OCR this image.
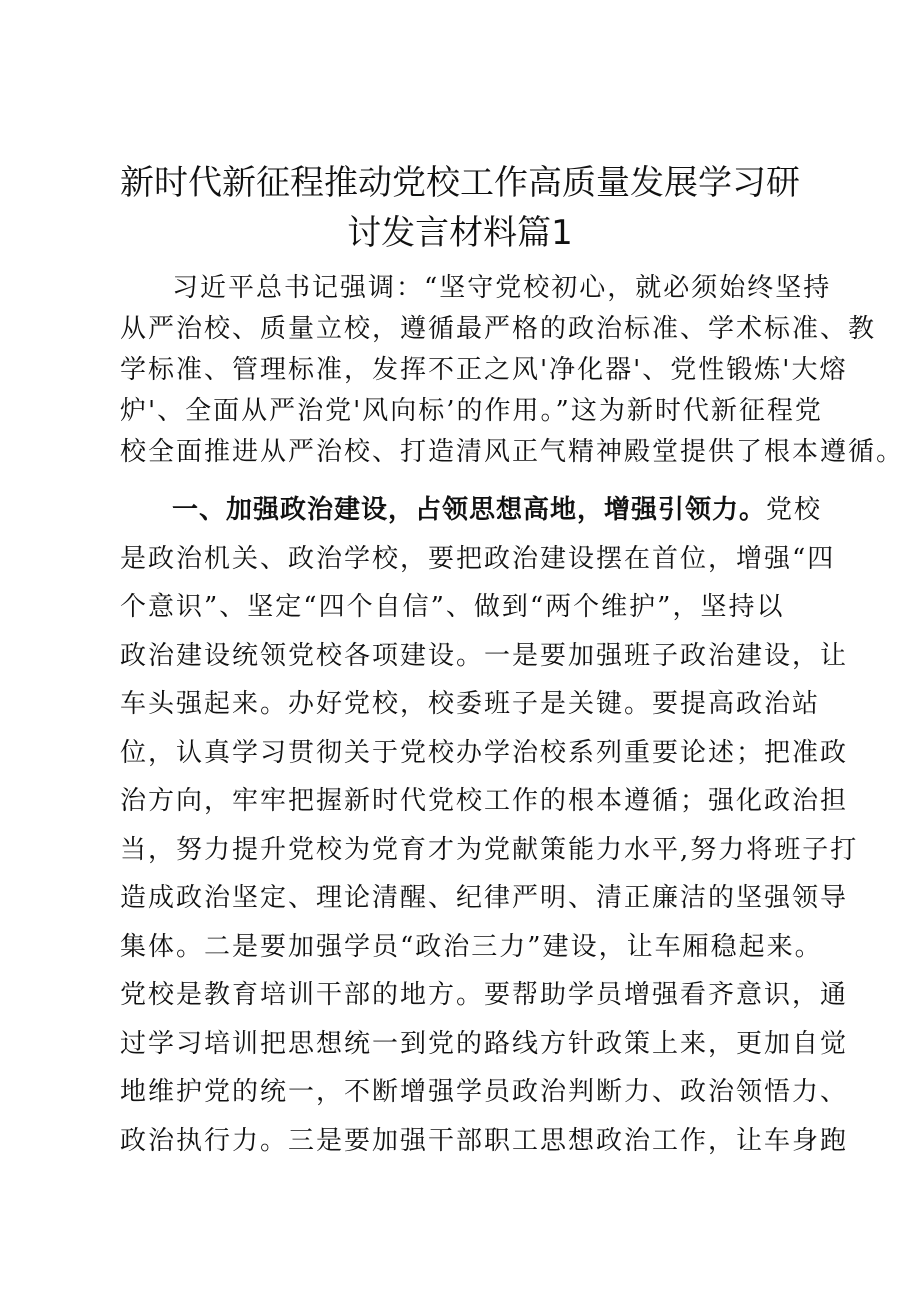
新时代新征程推动党校工作高质量发展学习研
讨发言材料篇1
习近平总书记强调：“坚守党校初心，就必须始终坚持
从严治校、质量立校，遵循最严格的政治标准、学术标准、教
学标准、管理标准，发挥不正之风'净化器'、党性锻炼'大熔
炉'、全面从严治党'风向标’的作用。”这为新时代新征程党
校全面推进从严治校、打造清风正气精神殿堂提供了根本遵循。
一、加强政治建设，占领思想高地，增强引领力。党校
是政治机关、政治学校，要把政治建设摆在首位，增强“四
个意识”、坚定“四个自信”、做到“两个维护”，坚持以
政治建设统领党校各项建设。一是要加强班子政治建设，让
车头强起来。办好党校，校委班子是关键。要提高政治站
位，认真学习贯彻关于党校办学治校系列重要论述；把准政
治方向，牢牢把握新时代党校工作的根本遵循；强化政治担
当，努力提升党校为党育才为党献策能力水平,努力将班子打
造成政治坚定、理论清醒、纪律严明、清正廉洁的坚强领导
集体。二是要加强学员“政治三力”建设，让车厢稳起来。
党校是教育培训干部的地方。要帮助学员增强看齐意识，通
过学习培训把思想统一到党的路线方针政策上来，更加自觉
地维护党的统一，不断增强学员政治判断力、政治领悟力、
政治执行力。三是要加强干部职工思想政治工作，让车身跑
